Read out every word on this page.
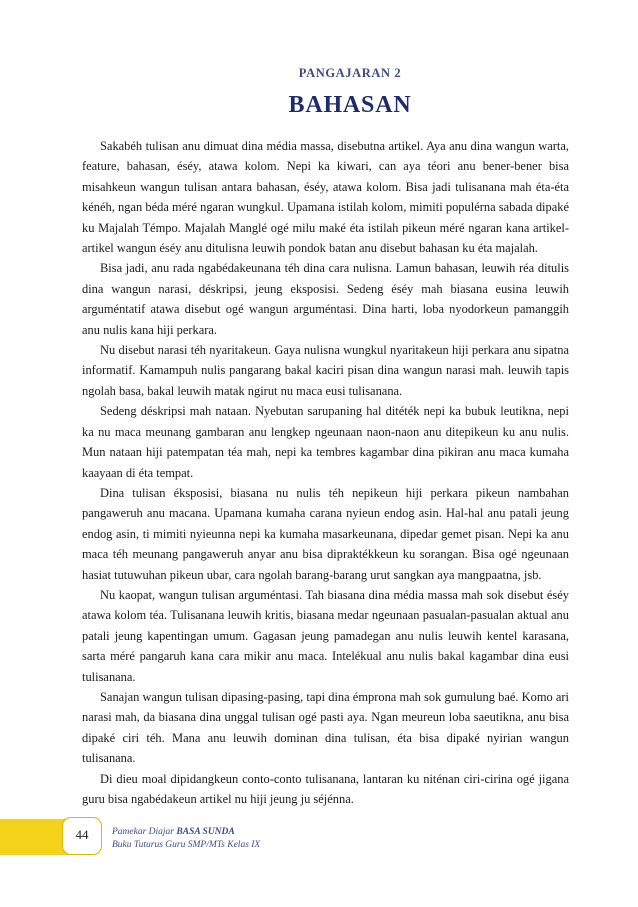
PANGAJARAN 2
BAHASAN

Sakabéh tulisan anu dimuat dina média massa, disebutna artikel. Aya anu dina wangun warta, feature, bahasan, éséy, atawa kolom. Nepi ka kiwari, can aya téori anu bener-bener bisa misahkeun wangun tulisan antara bahasan, éséy, atawa kolom. Bisa jadi tulisanana mah éta-éta kénéh, ngan béda méré ngaran wungkul. Upamana istilah kolom, mimiti populérna sabada dipaké ku Majalah Témpo. Majalah Manglé ogé milu maké éta istilah pikeun méré ngaran kana artikel-artikel wangun éséy anu ditulisna leuwih pondok batan anu disebut bahasan ku éta majalah.

Bisa jadi, anu rada ngabédakeunana téh dina cara nulisna. Lamun bahasan, leuwih réa ditulis dina wangun narasi, déskripsi, jeung eksposisi. Sedeng éséy mah biasana eusina leuwih arguméntatif atawa disebut ogé wangun arguméntasi. Dina harti, loba nyodorkeun pamanggih anu nulis kana hiji perkara.

Nu disebut narasi téh nyaritakeun. Gaya nulisna wungkul nyaritakeun hiji perkara anu sipatna informatif. Kamampuh nulis pangarang bakal kaciri pisan dina wangun narasi mah. leuwih tapis ngolah basa, bakal leuwih matak ngirut nu maca eusi tulisanana.

Sedeng déskripsi mah nataan. Nyebutan sarupaning hal ditéték nepi ka bubuk leutikna, nepi ka nu maca meunang gambaran anu lengkep ngeunaan naon-naon anu ditepikeun ku anu nulis. Mun nataan hiji patempatan téa mah, nepi ka tembres kagambar dina pikiran anu maca kumaha kaayaan di éta tempat.

Dina tulisan éksposisi, biasana nu nulis téh nepikeun hiji perkara pikeun nambahan pangaweruh anu macana. Upamana kumaha carana nyieun endog asin. Hal-hal anu patali jeung endog asin, ti mimiti nyieunna nepi ka kumaha masarkeunana, dipedar gemet pisan. Nepi ka anu maca téh meunang pangaweruh anyar anu bisa dipraktékkeun ku sorangan. Bisa ogé ngeunaan hasiat tutuwuhan pikeun ubar, cara ngolah barang-barang urut sangkan aya mangpaatna, jsb.

Nu kaopat, wangun tulisan arguméntasi. Tah biasana dina média massa mah sok disebut éséy atawa kolom téa. Tulisanana leuwih kritis, biasana medar ngeunaan pasualan-pasualan aktual anu patali jeung kapentingan umum. Gagasan jeung pamadegan anu nulis leuwih kentel karasana, sarta méré pangaruh kana cara mikir anu maca. Intelékual anu nulis bakal kagambar dina eusi tulisanana.

Sanajan wangun tulisan dipasing-pasing, tapi dina émprona mah sok gumulung baé. Komo ari narasi mah, da biasana dina unggal tulisan ogé pasti aya. Ngan meureun loba saeutikna, anu bisa dipaké ciri téh. Mana anu leuwih dominan dina tulisan, éta bisa dipaké nyirian wangun tulisanana.

Di dieu moal dipidangkeun conto-conto tulisanana, lantaran ku niténan ciri-cirina ogé jigana guru bisa ngabédakeun artikel nu hiji jeung ju séjénna.

44	Pamekar Diajar BASA SUNDA
Buku Tuturus Guru SMP/MTs Kelas IX
